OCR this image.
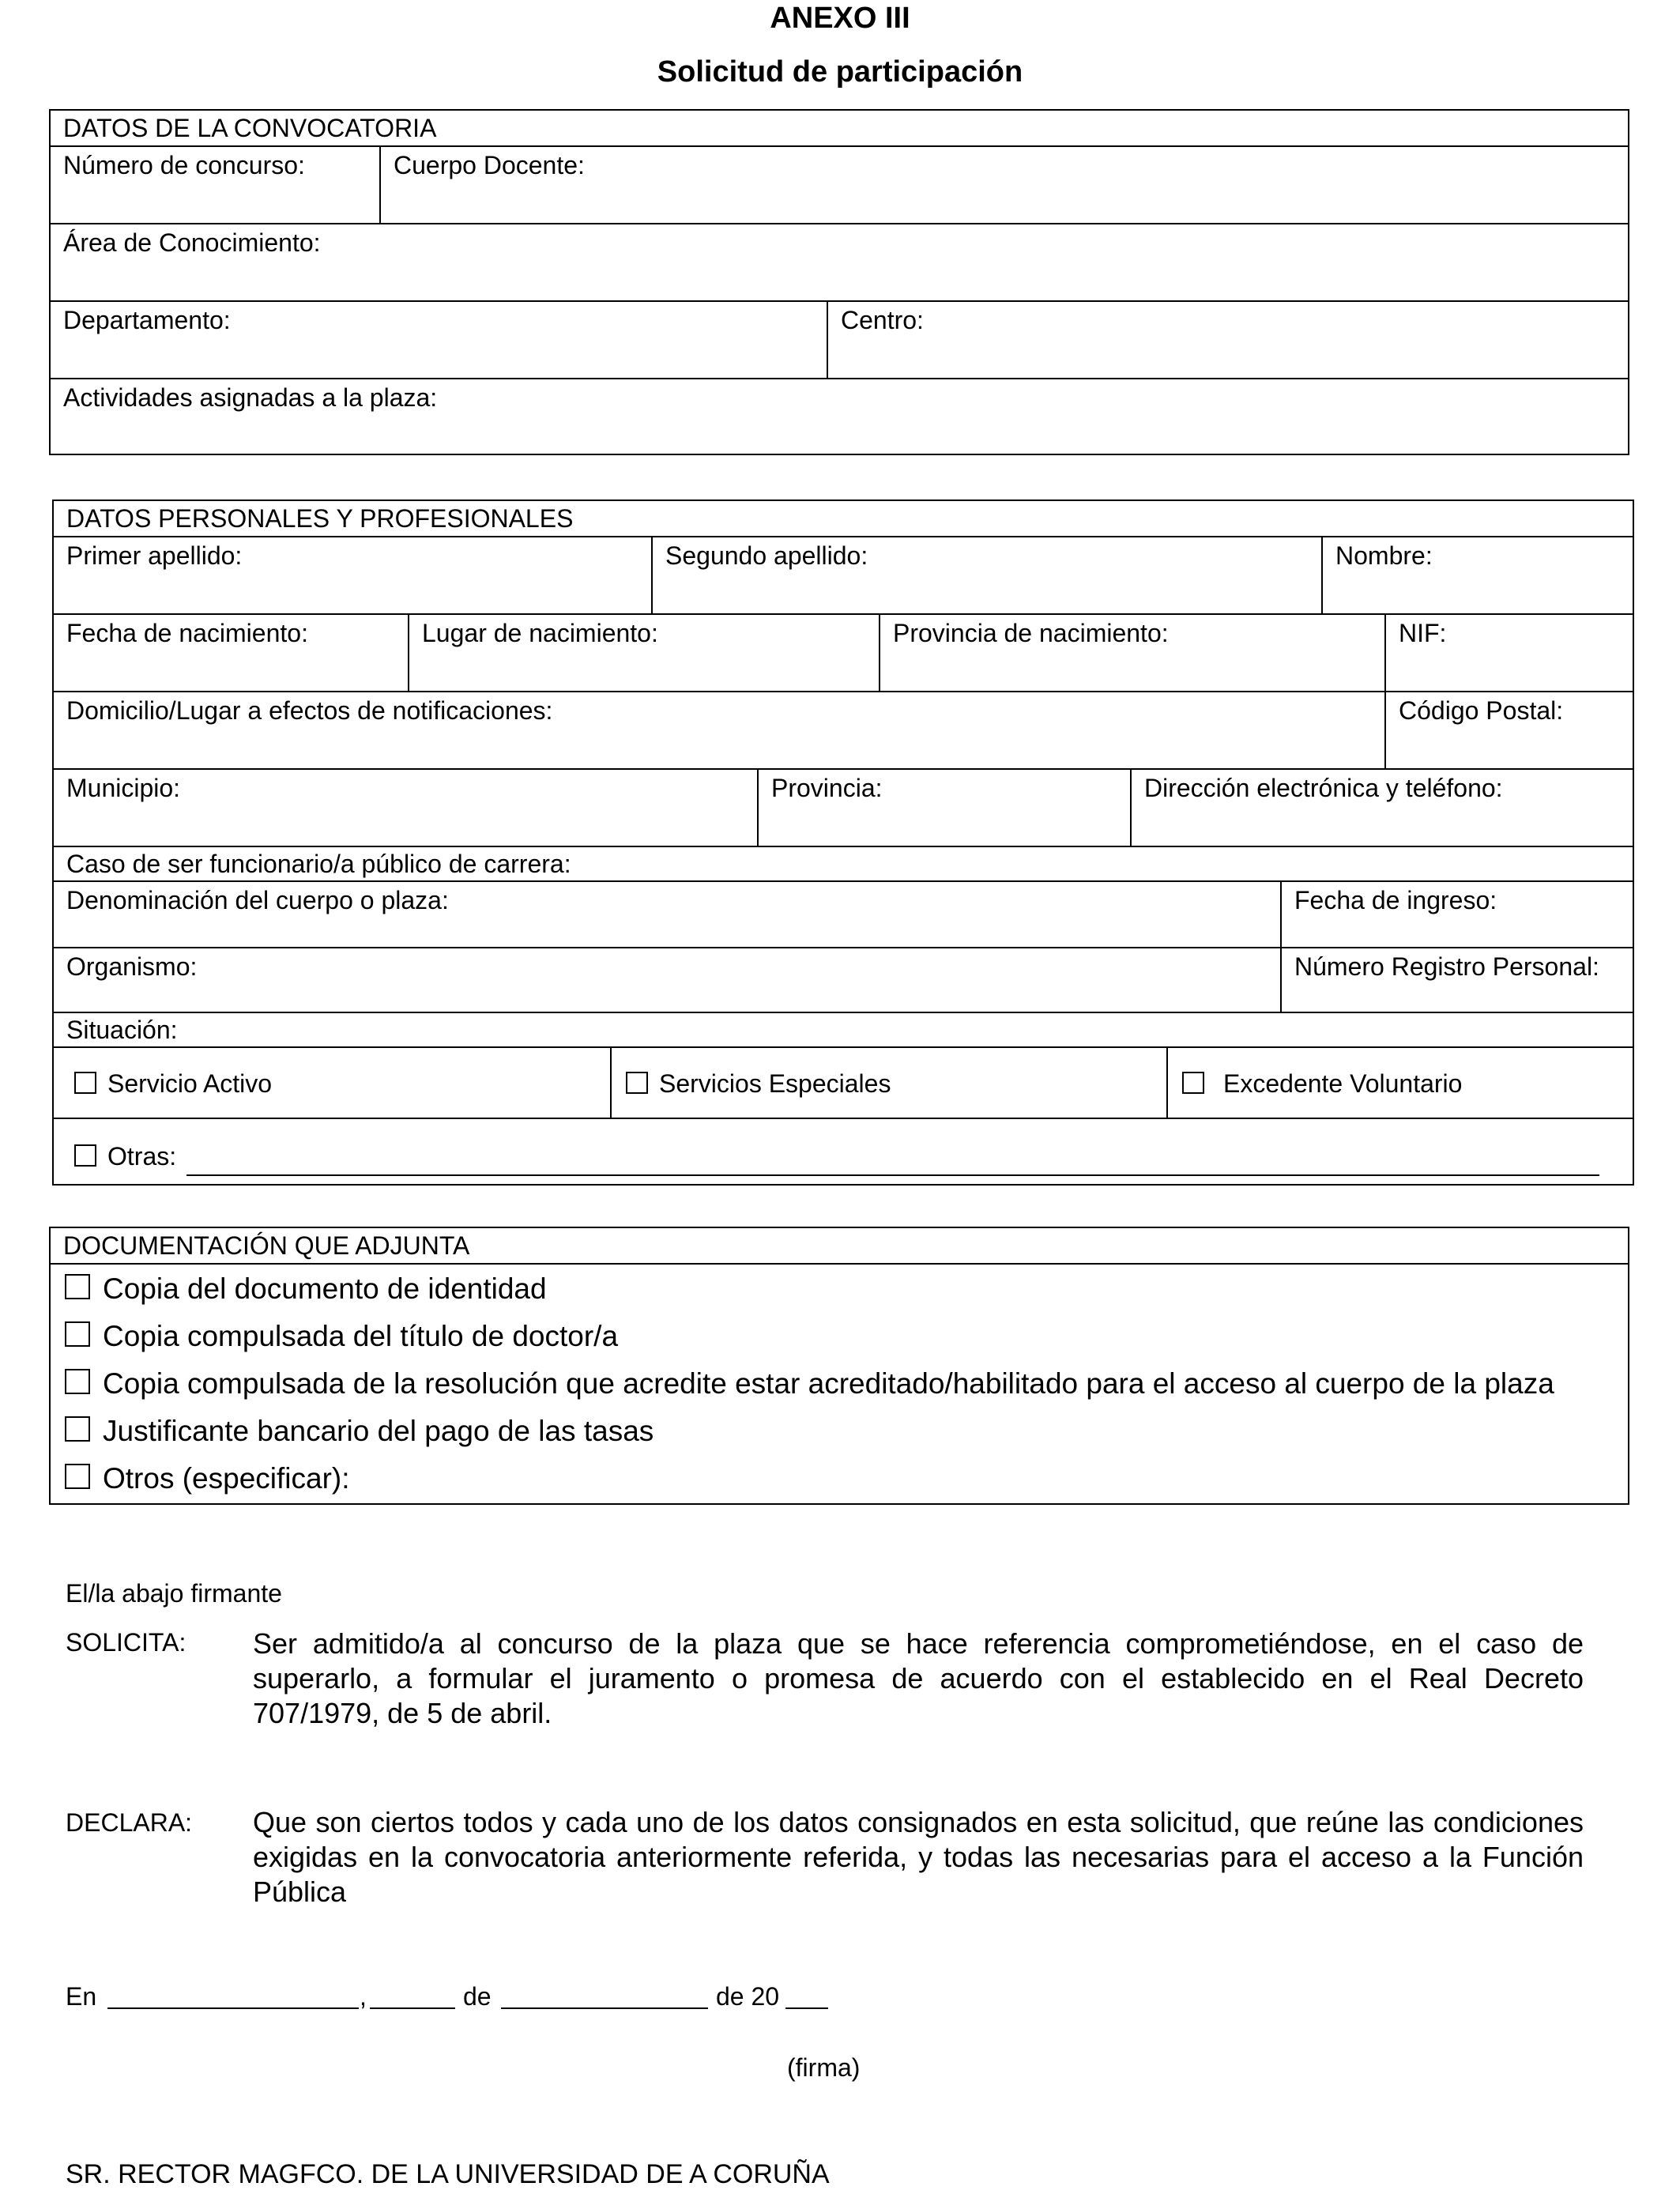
ANEXO III
Solicitud de participación
DATOS DE LA CONVOCATORIA
Número de concurso:	Cuerpo Docente:
Área de Conocimiento:
Departamento:	Centro:
Actividades asignadas a la plaza:
DATOS PERSONALES Y PROFESIONALES
Primer apellido:	Segundo apellido:	Nombre:
Fecha de nacimiento:	Lugar de nacimiento:	Provincia de nacimiento:	NIF:
Domicilio/Lugar a efectos de notificaciones:	Código Postal:
Municipio:	Provincia:	Dirección electrónica y teléfono:
Caso de ser funcionario/a público de carrera:
Denominación del cuerpo o plaza:	Fecha de ingreso:
Organismo:	Número Registro Personal:
Situación:
Servicio Activo	Servicios Especiales	Excedente Voluntario
Otras:
DOCUMENTACIÓN QUE ADJUNTA
Copia del documento de identidad
Copia compulsada del título de doctor/a
Copia compulsada de la resolución que acredite estar acreditado/habilitado para el acceso al cuerpo de la plaza
Justificante bancario del pago de las tasas
Otros (especificar):
El/la abajo firmante
SOLICITA: Ser admitido/a al concurso de la plaza que se hace referencia comprometiéndose, en el caso de superarlo, a formular el juramento o promesa de acuerdo con el establecido en el Real Decreto 707/1979, de 5 de abril.
DECLARA: Que son ciertos todos y cada uno de los datos consignados en esta solicitud, que reúne las condiciones exigidas en la convocatoria anteriormente referida, y todas las necesarias para el acceso a la Función Pública
En	,	de	de 20
(firma)
SR. RECTOR MAGFCO. DE LA UNIVERSIDAD DE A CORUÑA
